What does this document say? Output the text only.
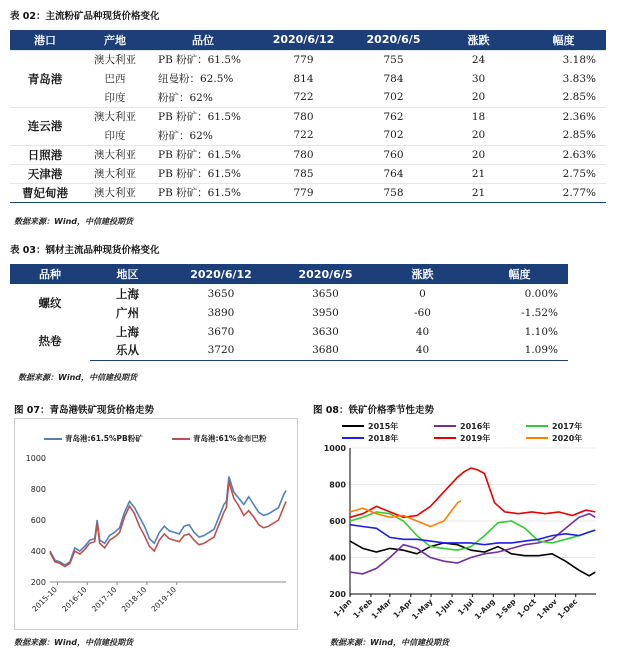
表 02：主流粉矿品种现货价格变化
港口	产地	品位	2020/6/12	2020/6/5	涨跌	幅度
青岛港	澳大利亚	PB 粉矿：61.5%	779	755	24	3.18%
	巴西	纽曼粉：62.5%	814	784	30	3.83%
	印度	粉矿：62%	722	702	20	2.85%
连云港	澳大利亚	PB 粉矿：61.5%	780	762	18	2.36%
	印度	粉矿：62%	722	702	20	2.85%
日照港	澳大利亚	PB 粉矿：61.5%	780	760	20	2.63%
天津港	澳大利亚	PB 粉矿：61.5%	785	764	21	2.75%
曹妃甸港	澳大利亚	PB 粉矿：61.5%	779	758	21	2.77%
数据来源：Wind，中信建投期货
表 03：钢材主流品种现货价格变化
品种	地区	2020/6/12	2020/6/5	涨跌	幅度
螺纹	上海	3650	3650	0	0.00%
	广州	3890	3950	-60	-1.52%
热卷	上海	3670	3630	40	1.10%
	乐从	3720	3680	40	1.09%
数据来源：Wind，中信建投期货
图 07：青岛港铁矿现货价格走势
青岛港:61.5%PB粉矿	青岛港:61%金布巴粉
200
400
600
800
1000
2015-10 2016-10 2017-10 2018-10 2019-10
数据来源：Wind，中信建投期货
图 08：铁矿价格季节性走势
2015年	2016年	2017年
2018年	2019年	2020年
200
400
600
800
1000
1-Jan
1-Feb
1-Mar
1-Apr
1-May 1-Jun 1-Jul
1-Aug
1-Sep
1-Oct
1-Nov
1-Dec
数据来源：Wind，中信建投期货
